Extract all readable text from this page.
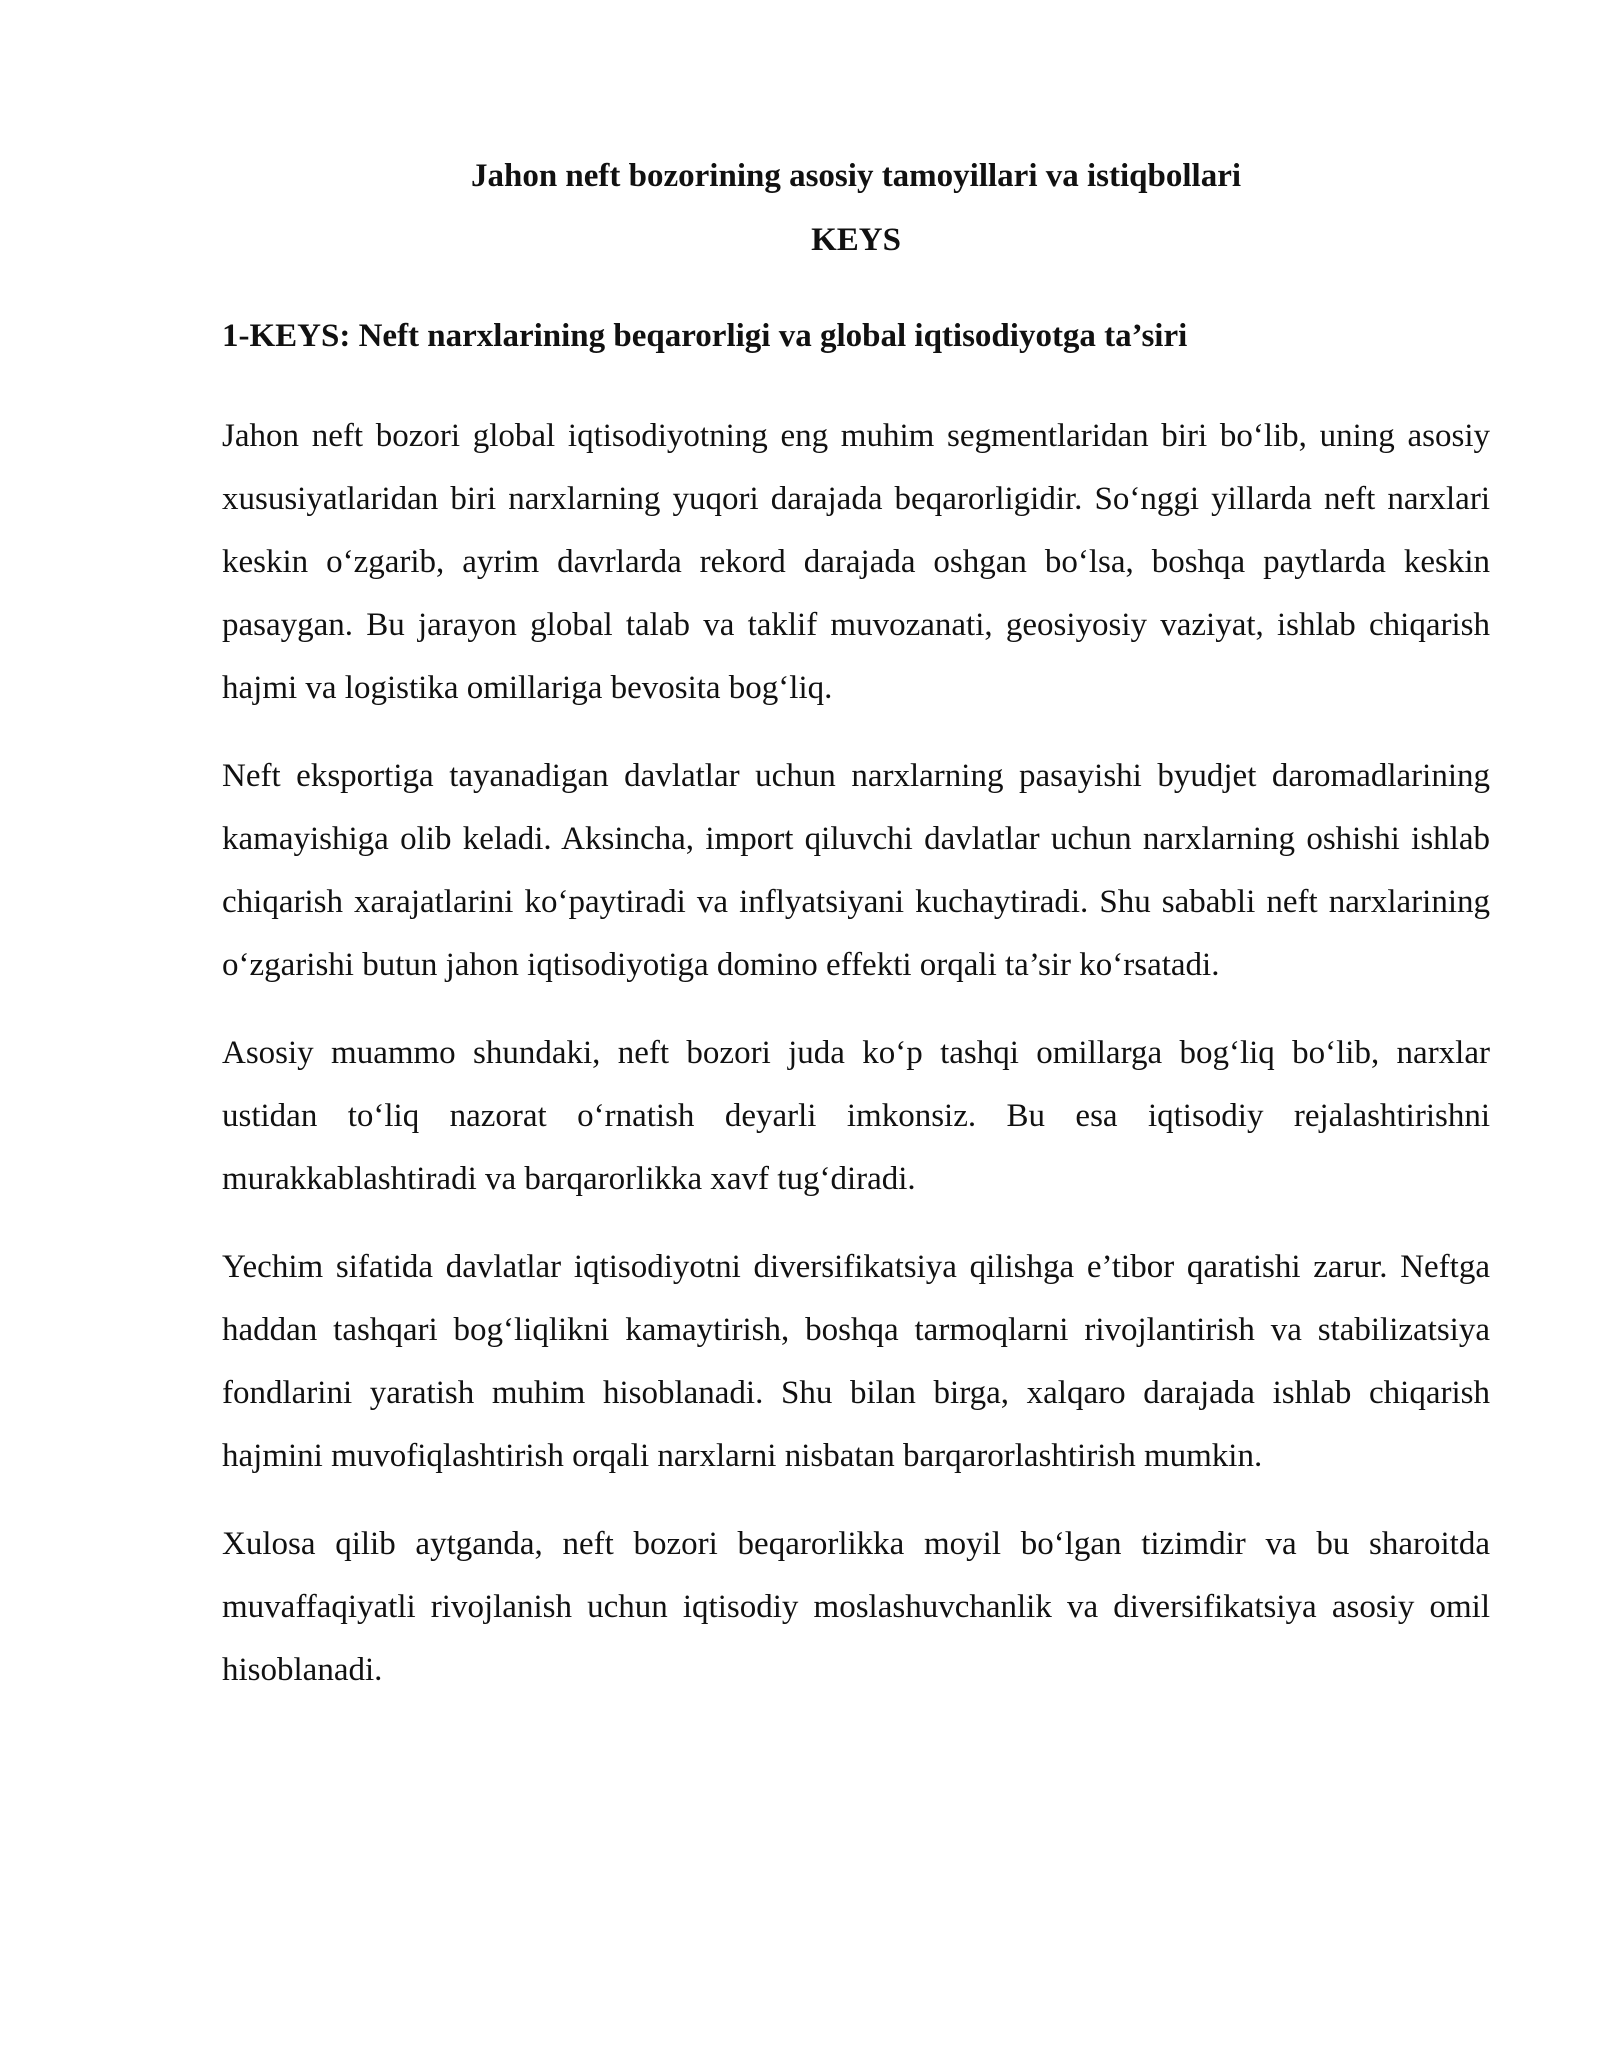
Jahon neft bozorining asosiy tamoyillari va istiqbollari
KEYS
1-KEYS: Neft narxlarining beqarorligi va global iqtisodiyotga ta’siri

Jahon neft bozori global iqtisodiyotning eng muhim segmentlaridan biri bo‘lib, uning asosiy xususiyatlaridan biri narxlarning yuqori darajada beqarorligidir. So‘nggi yillarda neft narxlari keskin o‘zgarib, ayrim davrlarda rekord darajada oshgan bo‘lsa, boshqa paytlarda keskin pasaygan. Bu jarayon global talab va taklif muvozanati, geosiyosiy vaziyat, ishlab chiqarish hajmi va logistika omillariga bevosita bog‘liq.

Neft eksportiga tayanadigan davlatlar uchun narxlarning pasayishi byudjet daromadlarining kamayishiga olib keladi. Aksincha, import qiluvchi davlatlar uchun narxlarning oshishi ishlab chiqarish xarajatlarini ko‘paytiradi va inflyatsiyani kuchaytiradi. Shu sababli neft narxlarining o‘zgarishi butun jahon iqtisodiyotiga domino effekti orqali ta’sir ko‘rsatadi.

Asosiy muammo shundaki, neft bozori juda ko‘p tashqi omillarga bog‘liq bo‘lib, narxlar ustidan to‘liq nazorat o‘rnatish deyarli imkonsiz. Bu esa iqtisodiy rejalashtirishni murakkablashtiradi va barqarorlikka xavf tug‘diradi.

Yechim sifatida davlatlar iqtisodiyotni diversifikatsiya qilishga e’tibor qaratishi zarur. Neftga haddan tashqari bog‘liqlikni kamaytirish, boshqa tarmoqlarni rivojlantirish va stabilizatsiya fondlarini yaratish muhim hisoblanadi. Shu bilan birga, xalqaro darajada ishlab chiqarish hajmini muvofiqlashtirish orqali narxlarni nisbatan barqarorlashtirish mumkin.

Xulosa qilib aytganda, neft bozori beqarorlikka moyil bo‘lgan tizimdir va bu sharoitda muvaffaqiyatli rivojlanish uchun iqtisodiy moslashuvchanlik va diversifikatsiya asosiy omil hisoblanadi.
